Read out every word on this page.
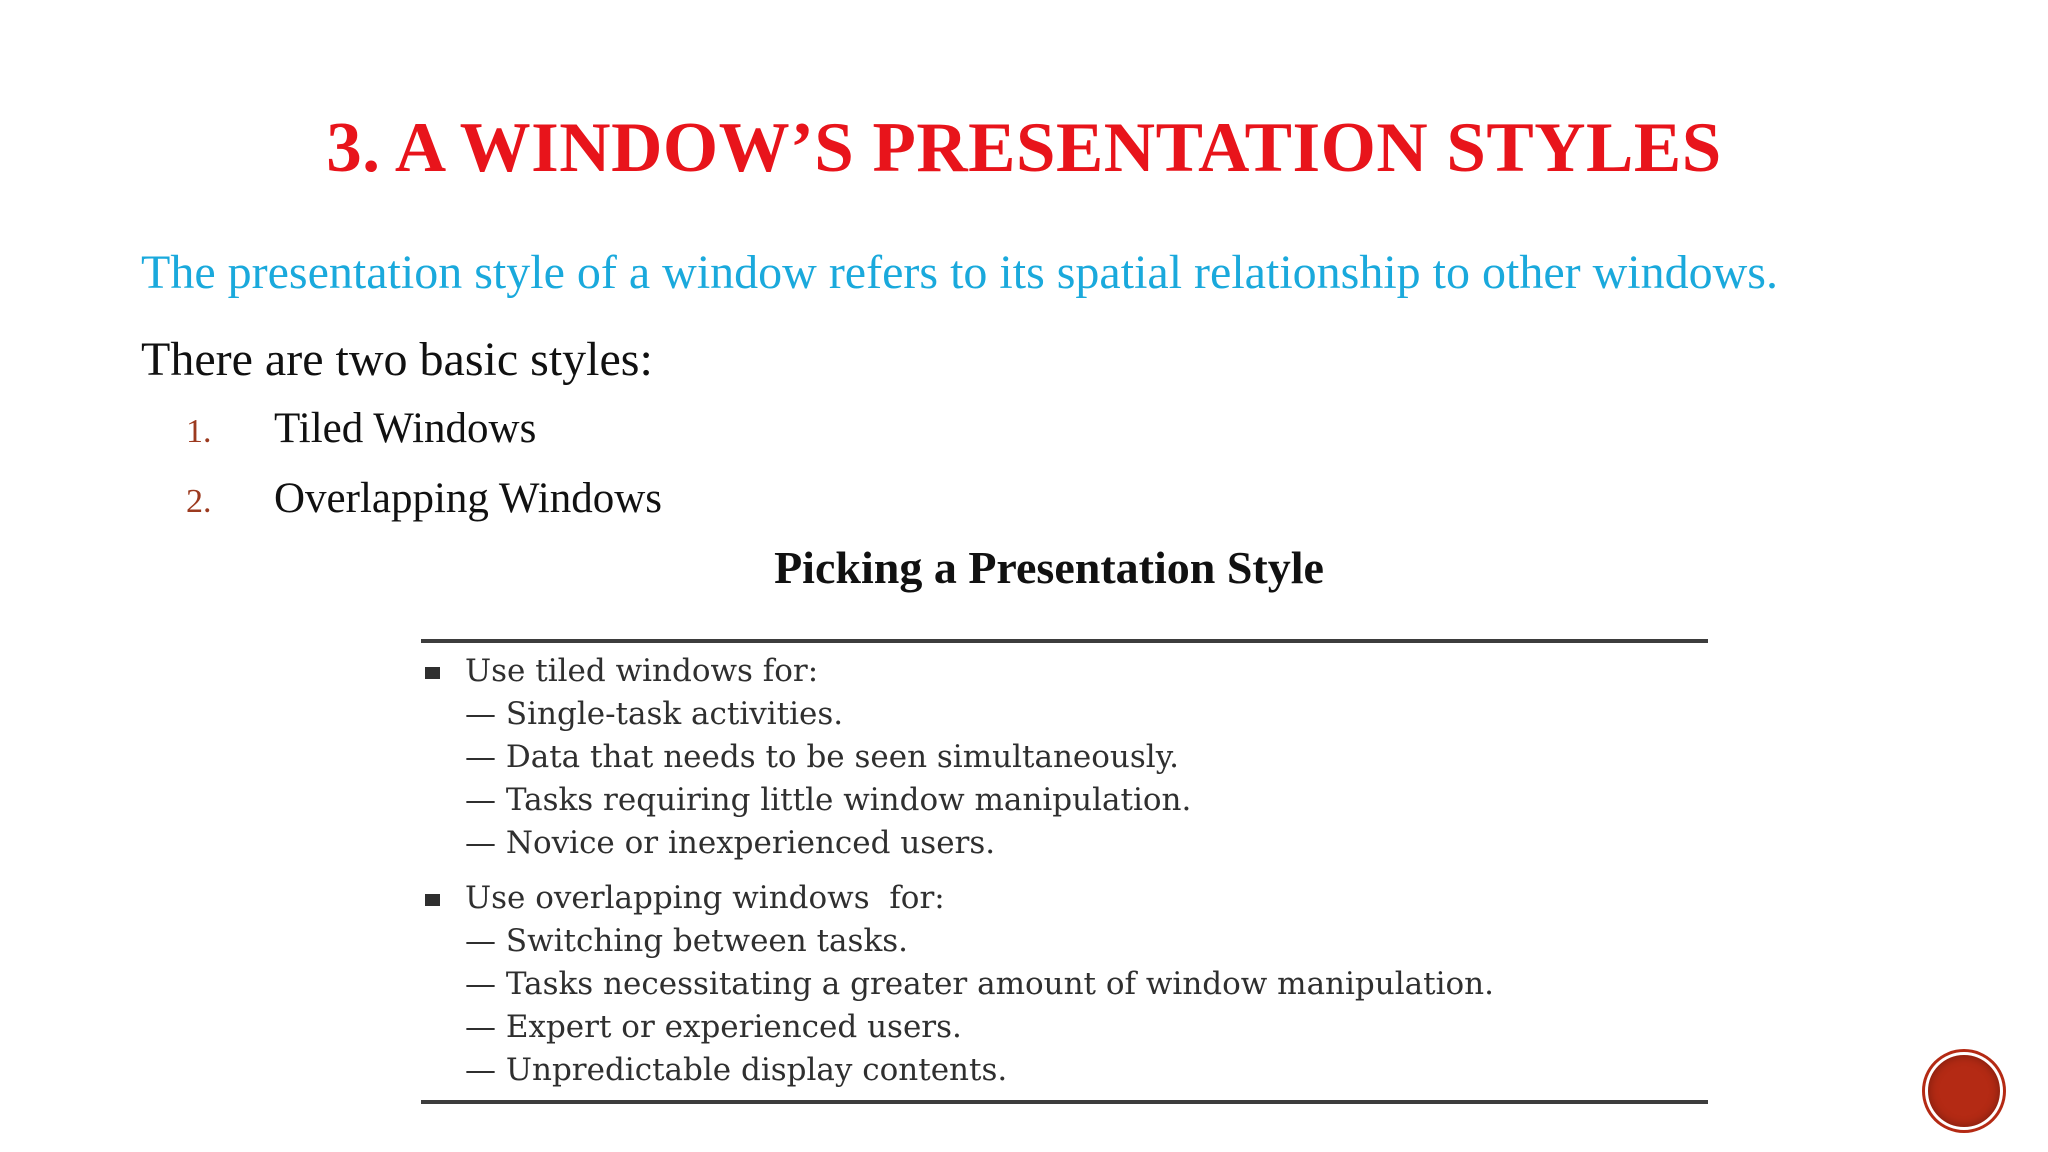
3. A WINDOW’S PRESENTATION STYLES
The presentation style of a window refers to its spatial relationship to other windows.
There are two basic styles:
1. Tiled Windows
2. Overlapping Windows
Picking a Presentation Style
Use tiled windows for:
— Single-task activities.
— Data that needs to be seen simultaneously.
— Tasks requiring little window manipulation.
— Novice or inexperienced users.
Use overlapping windows  for:
— Switching between tasks.
— Tasks necessitating a greater amount of window manipulation.
— Expert or experienced users.
— Unpredictable display contents.
